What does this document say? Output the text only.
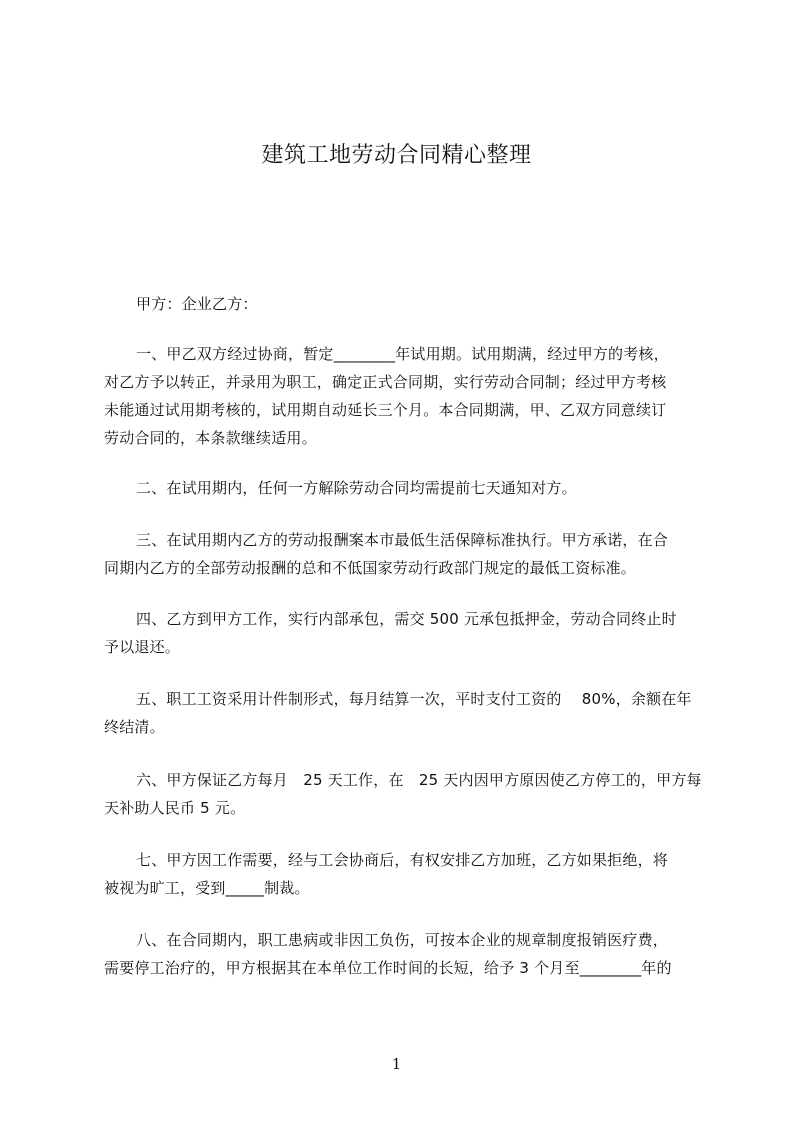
建筑工地劳动合同精心整理

甲方：企业乙方：

一、甲乙双方经过协商，暂定________年试用期。试用期满，经过甲方的考核，
对乙方予以转正，并录用为职工，确定正式合同期，实行劳动合同制；经过甲方考核
未能通过试用期考核的，试用期自动延长三个月。本合同期满，甲、乙双方同意续订
劳动合同的，本条款继续适用。

二、在试用期内，任何一方解除劳动合同均需提前七天通知对方。

三、在试用期内乙方的劳动报酬案本市最低生活保障标准执行。甲方承诺，在合
同期内乙方的全部劳动报酬的总和不低国家劳动行政部门规定的最低工资标准。

四、乙方到甲方工作，实行内部承包，需交 500 元承包抵押金，劳动合同终止时
予以退还。

五、职工工资采用计件制形式，每月结算一次，平时支付工资的　 80%，余额在年
终结清。

六、甲方保证乙方每月　25 天工作，在　25 天内因甲方原因使乙方停工的，甲方每
天补助人民币 5 元。

七、甲方因工作需要，经与工会协商后，有权安排乙方加班，乙方如果拒绝，将
被视为旷工，受到_____制裁。

八、在合同期内，职工患病或非因工负伤，可按本企业的规章制度报销医疗费，
需要停工治疗的，甲方根据其在本单位工作时间的长短，给予 3 个月至________年的

1
